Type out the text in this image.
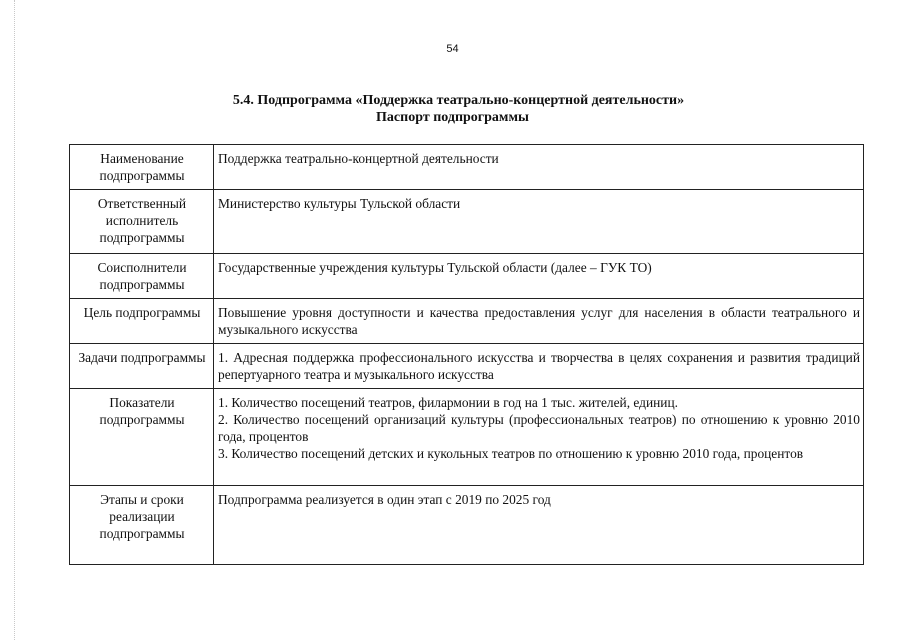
54
5.4. Подпрограмма «Поддержка театрально-концертной деятельности»
Паспорт подпрограммы
Наименование подпрограммы	Поддержка театрально-концертной деятельности
Ответственный исполнитель подпрограммы	Министерство культуры Тульской области
Соисполнители подпрограммы	Государственные учреждения культуры Тульской области (далее – ГУК ТО)
Цель подпрограммы	Повышение уровня доступности и качества предоставления услуг для населения в области театрального и музыкального искусства
Задачи подпрограммы	1. Адресная поддержка профессионального искусства и творчества в целях сохранения и развития традиций репертуарного театра и музыкального искусства
Показатели подпрограммы	1. Количество посещений театров, филармонии в год на 1 тыс. жителей, единиц.
2. Количество посещений организаций культуры (профессиональных театров) по отношению к уровню 2010 года, процентов
3. Количество посещений детских и кукольных театров по отношению к уровню 2010 года, процентов

Этапы и сроки реализации подпрограммы	Подпрограмма реализуется в один этап с 2019 по 2025 год
